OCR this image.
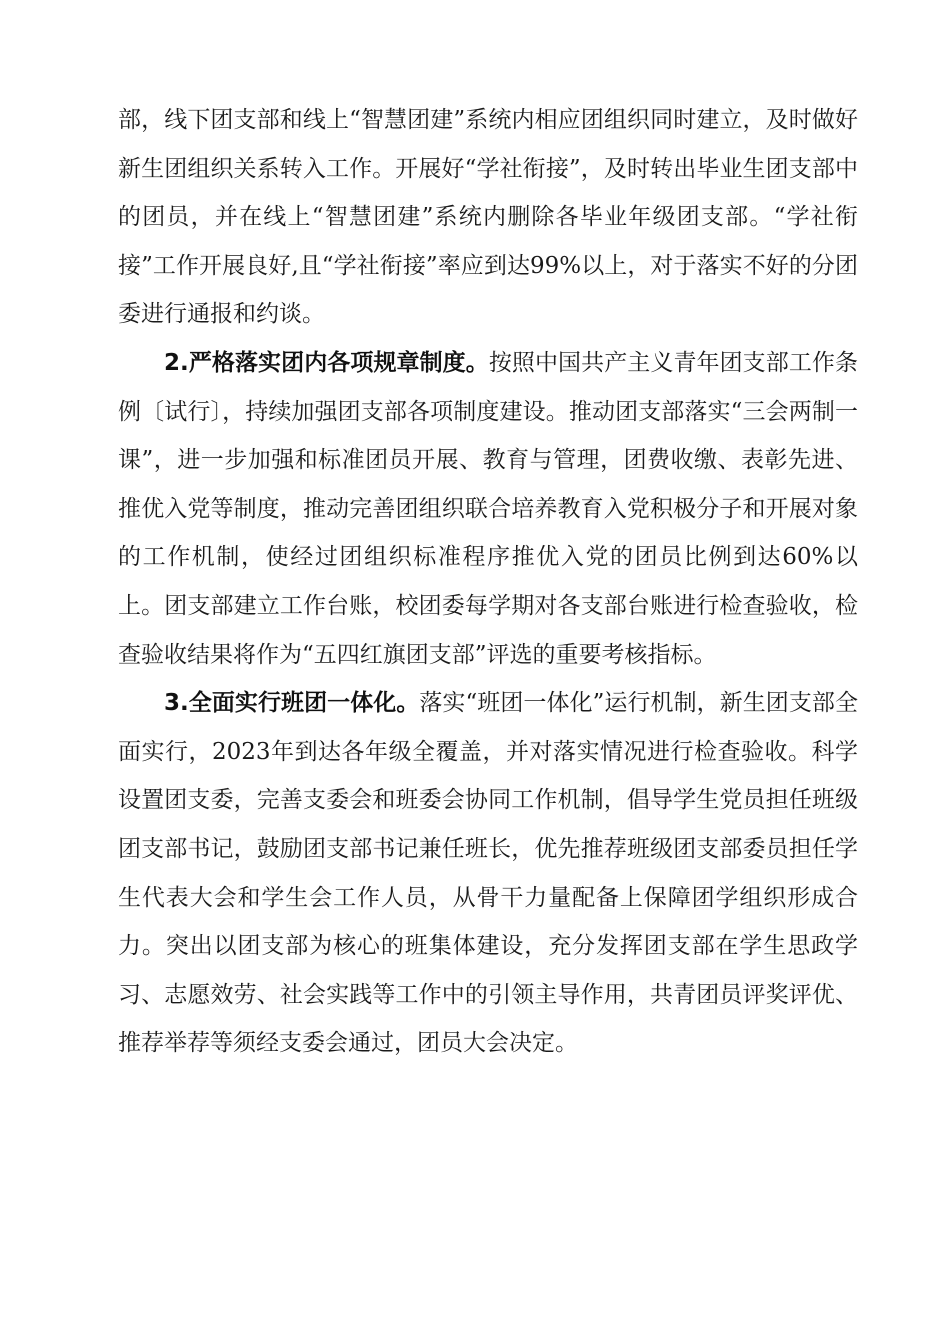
部，线下团支部和线上“智慧团建”系统内相应团组织同时建立，及时做好新生团组织关系转入工作。开展好“学社衔接”，及时转出毕业生团支部中的团员，并在线上“智慧团建”系统内删除各毕业年级团支部。“学社衔接”工作开展良好,且“学社衔接”率应到达99%以上，对于落实不好的分团委进行通报和约谈。

2.严格落实团内各项规章制度。按照中国共产主义青年团支部工作条例〔试行〕，持续加强团支部各项制度建设。推动团支部落实“三会两制一课”，进一步加强和标准团员开展、教育与管理，团费收缴、表彰先进、推优入党等制度，推动完善团组织联合培养教育入党积极分子和开展对象的工作机制，使经过团组织标准程序推优入党的团员比例到达60%以上。团支部建立工作台账，校团委每学期对各支部台账进行检查验收，检查验收结果将作为“五四红旗团支部”评选的重要考核指标。

3.全面实行班团一体化。落实“班团一体化”运行机制，新生团支部全面实行，2023年到达各年级全覆盖，并对落实情况进行检查验收。科学设置团支委，完善支委会和班委会协同工作机制，倡导学生党员担任班级团支部书记，鼓励团支部书记兼任班长，优先推荐班级团支部委员担任学生代表大会和学生会工作人员，从骨干力量配备上保障团学组织形成合力。突出以团支部为核心的班集体建设，充分发挥团支部在学生思政学习、志愿效劳、社会实践等工作中的引领主导作用，共青团员评奖评优、推荐举荐等须经支委会通过，团员大会决定。
